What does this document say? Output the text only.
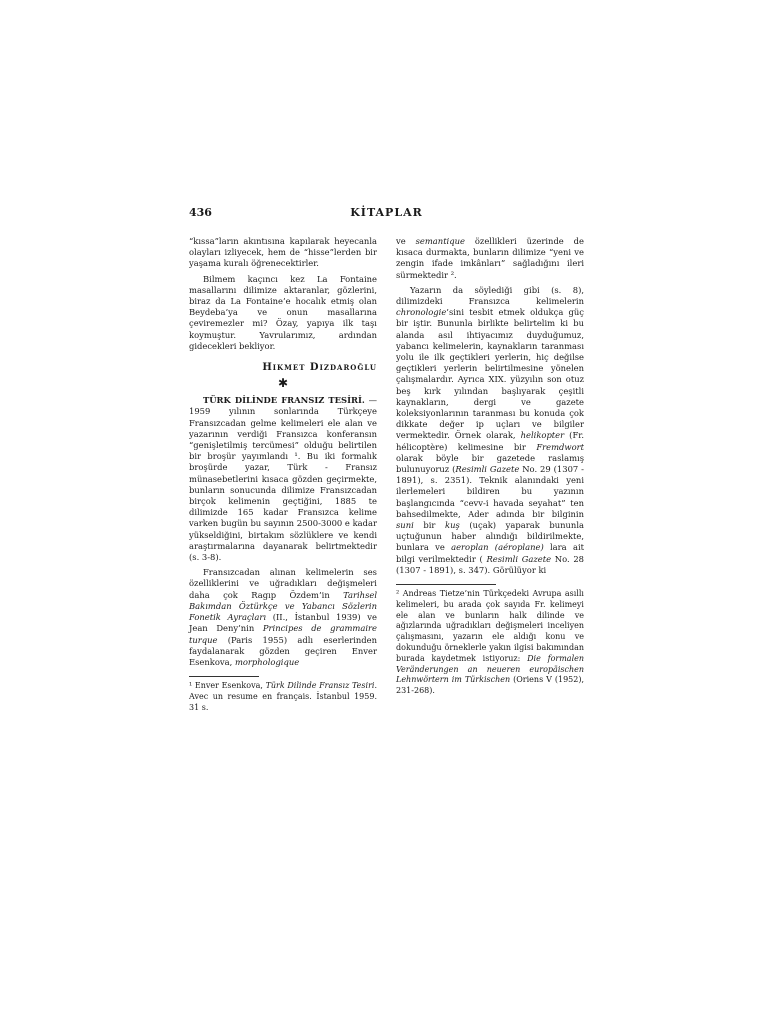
436	KİTAPLAR

“kıssa”ların akıntısına kapılarak heyecanla olayları izliyecek, hem de “hisse”lerden bir yaşama kuralı öğrenecektirler.

Bilmem kaçıncı kez La Fontaine masallarını dilimize aktaranlar, gözlerini, biraz da La Fontaine’e hocalık etmiş olan Beydeba’ya ve onun masallarına çeviremezler mi? Özay, yapıya ilk taşı koymuştur. Yavrularımız, ardından gidecekleri bekliyor.

Hikmet Dizdaroğlu
✱

TÜRK DİLİNDE FRANSIZ TESİRİ. — 1959 yılının sonlarında Türkçeye Fransızcadan gelme kelimeleri ele alan ve yazarının verdiği Fransızca konferansın “genişletilmiş tercümesi” olduğu belirtilen bir broşür yayımlandı ¹. Bu iki formalık broşürde yazar, Türk - Fransız münasebetlerini kısaca gözden geçirmekte, bunların sonucunda dilimize Fransızcadan birçok kelimenin geçtiğini, 1885 te dilimizde 165 kadar Fransızca kelime varken bugün bu sayının 2500-3000 e kadar yükseldiğini, birtakım sözlüklere ve kendi araştırmalarına dayanarak belirtmektedir (s. 3-8).

Fransızcadan alınan kelimelerin ses özelliklerini ve uğradıkları değişmeleri daha çok Ragıp Özdem’in Tarihsel Bakımdan Öztürkçe ve Yabancı Sözlerin Fonetik Ayraçları (II., İstanbul 1939) ve Jean Deny’nin Principes de grammaire turque (Paris 1955) adlı eserlerinden faydalanarak gözden geçiren Enver Esenkova, morphologique

¹ Enver Esenkova, Türk Dilinde Fransız Tesiri. Avec un resume en français. İstanbul 1959. 31 s.

ve semantique özellikleri üzerinde de kısaca durmakta, bunların dilimize “yeni ve zengin ifade imkânları” sağladığını ileri sürmektedir ².

Yazarın da söylediği gibi (s. 8), dilimizdeki Fransızca kelimelerin chronologie’sini tesbit etmek oldukça güç bir iştir. Bununla birlikte belirtelim ki bu alanda asıl ihtiyacımız duyduğumuz, yabancı kelimelerin, kaynakların taranması yolu ile ilk geçtikleri yerlerin, hiç değilse geçtikleri yerlerin belirtilmesine yönelen çalışmalardır. Ayrıca XIX. yüzyılın son otuz beş kırk yılından başlıyarak çeşitli kaynakların, dergi ve gazete koleksiyonlarının taranması bu konuda çok dikkate değer ip uçları ve bilgiler vermektedir. Örnek olarak, helikopter (Fr. hélicoptère) kelimesine bir Fremdwort olarak böyle bir gazetede raslamış bulunuyoruz (Resimli Gazete No. 29 (1307 - 1891), s. 2351). Teknik alanındaki yeni ilerlemeleri bildiren bu yazının başlangıcında “cevv-i havada seyahat” ten bahsedilmekte, Ader adında bir bilginin suni bir kuş (uçak) yaparak bununla uçtuğunun haber alındığı bildirilmekte, bunlara ve aeroplan (aéroplane) lara ait bilgi verilmektedir ( Resimli Gazete No. 28 (1307 - 1891), s. 347). Görülüyor ki

² Andreas Tietze’nin Türkçedeki Avrupa asıllı kelimeleri, bu arada çok sayıda Fr. kelimeyi ele alan ve bunların halk dilinde ve ağızlarında uğradıkları değişmeleri inceliyen çalışmasını, yazarın ele aldığı konu ve dokunduğu örneklerle yakın ilgisi bakımından burada kaydetmek istiyoruz: Die formalen Veränderungen an neueren europäischen Lehnwörtern im Türkischen (Oriens V (1952), 231-268).
